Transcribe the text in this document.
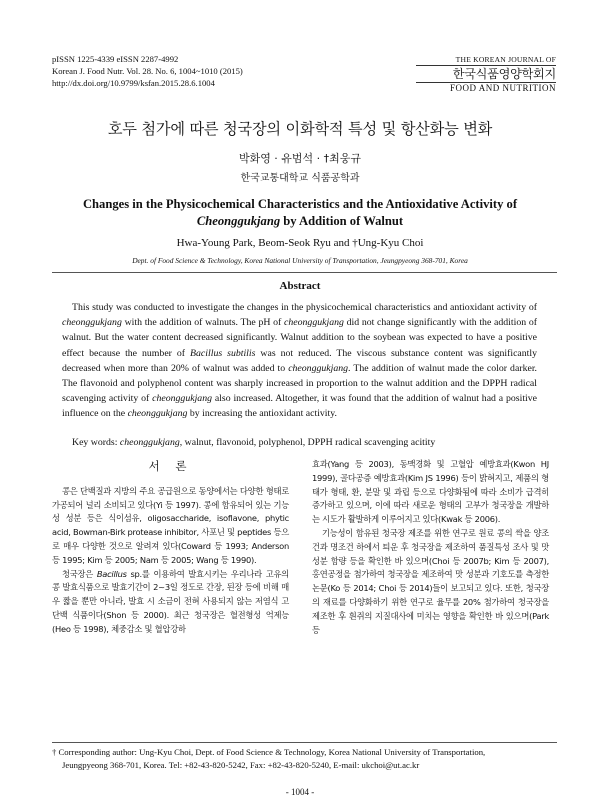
pISSN 1225-4339 eISSN 2287-4992
Korean J. Food Nutr. Vol. 28. No. 6, 1004~1010 (2015)
http://dx.doi.org/10.9799/ksfan.2015.28.6.1004
THE KOREAN JOURNAL OF
한국식품영양학회지
FOOD AND NUTRITION
호두 첨가에 따른 청국장의 이화학적 특성 및 항산화능 변화
박화영 · 유범석 · †최웅규
한국교통대학교 식품공학과
Changes in the Physicochemical Characteristics and the Antioxidative Activity of
Cheonggukjang by Addition of Walnut
Hwa-Young Park, Beom-Seok Ryu and †Ung-Kyu Choi
Dept. of Food Science & Technology, Korea National University of Transportation, Jeungpyeong 368-701, Korea
Abstract

This study was conducted to investigate the changes in the physicochemical characteristics and antioxidant activity of cheonggukjang with the addition of walnuts. The pH of cheonggukjang did not change significantly with the addition of walnut. But the water content decreased significantly. Walnut addition to the soybean was expected to have a positive effect because the number of Bacillus subtilis was not reduced. The viscous substance content was significantly decreased when more than 20% of walnut was added to cheonggukjang. The addition of walnut made the color darker. The flavonoid and polyphenol content was sharply increased in proportion to the walnut addition and the DPPH radical scavenging activity of cheonggukjang also increased. Altogether, it was found that the addition of walnut had a positive influence on the cheonggukjang by increasing the antioxidant activity.

Key words: cheonggukjang, walnut, flavonoid, polyphenol, DPPH radical scavenging acitity
서 론

콩은 단백질과 지방의 주요 공급원으로 동양에서는 다양한 형태로 가공되어 널리 소비되고 있다(Yi 등 1997). 콩에 함유되어 있는 기능성 성분 등은 식이섬유, oligosaccharide, isoflavone, phytic acid, Bowman-Birk protease inhibitor, 사포닌 및 peptides 등으로 매우 다양한 것으로 알려져 있다(Coward 등 1993; Anderson 등 1995; Kim 등 2005; Nam 등 2005; Wang 등 1990).

청국장은 Bacillus sp.를 이용하여 발효시키는 우리나라 고유의 콩 발효식품으로 발효기간이 2~3일 정도로 간장, 된장 등에 비해 매우 짧을 뿐만 아니라, 발효 시 소금이 전혀 사용되지 않는 저염식 고단백 식품이다(Shon 등 2000). 최근 청국장은 혈전형성 억제능(Heo 등 1998), 체중감소 및 혈압강하

효과(Yang 등 2003), 동맥경화 및 고혈압 예방효과(Kwon HJ 1999), 골다공증 예방효과(Kim JS 1996) 등이 밝혀지고, 제품의 형태가 형태, 환, 분말 및 과립 등으로 다양화됨에 따라 소비가 급격히 증가하고 있으며, 이에 따라 새로운 형태의 고부가 청국장을 개발하는 시도가 활발하게 이루어지고 있다(Kwak 등 2006).

기능성이 함유된 청국장 제조를 위한 연구로 원료 콩의 싹을 양조건과 명조건 하에서 틔운 후 청국장을 제조하여 품질특성 조사 및 맛 성분 함량 등을 확인한 바 있으며(Choi 등 2007b; Kim 등 2007), 홍연공정을 첨가하여 청국장을 제조하여 맛 성분과 기호도를 측정한 논문(Ko 등 2014; Choi 등 2014)들이 보고되고 있다. 또한, 청국장의 재료를 다양화하기 위한 연구로 율무를 20% 첨가하여 청국장을 제조한 후 흰쥐의 지질대사에 미치는 영향을 확인한 바 있으며(Park 등

† Corresponding author: Ung-Kyu Choi, Dept. of Food Science & Technology, Korea National University of Transportation,
Jeungpyeong 368-701, Korea. Tel: +82-43-820-5242, Fax: +82-43-820-5240, E-mail: ukchoi@ut.ac.kr
- 1004 -
